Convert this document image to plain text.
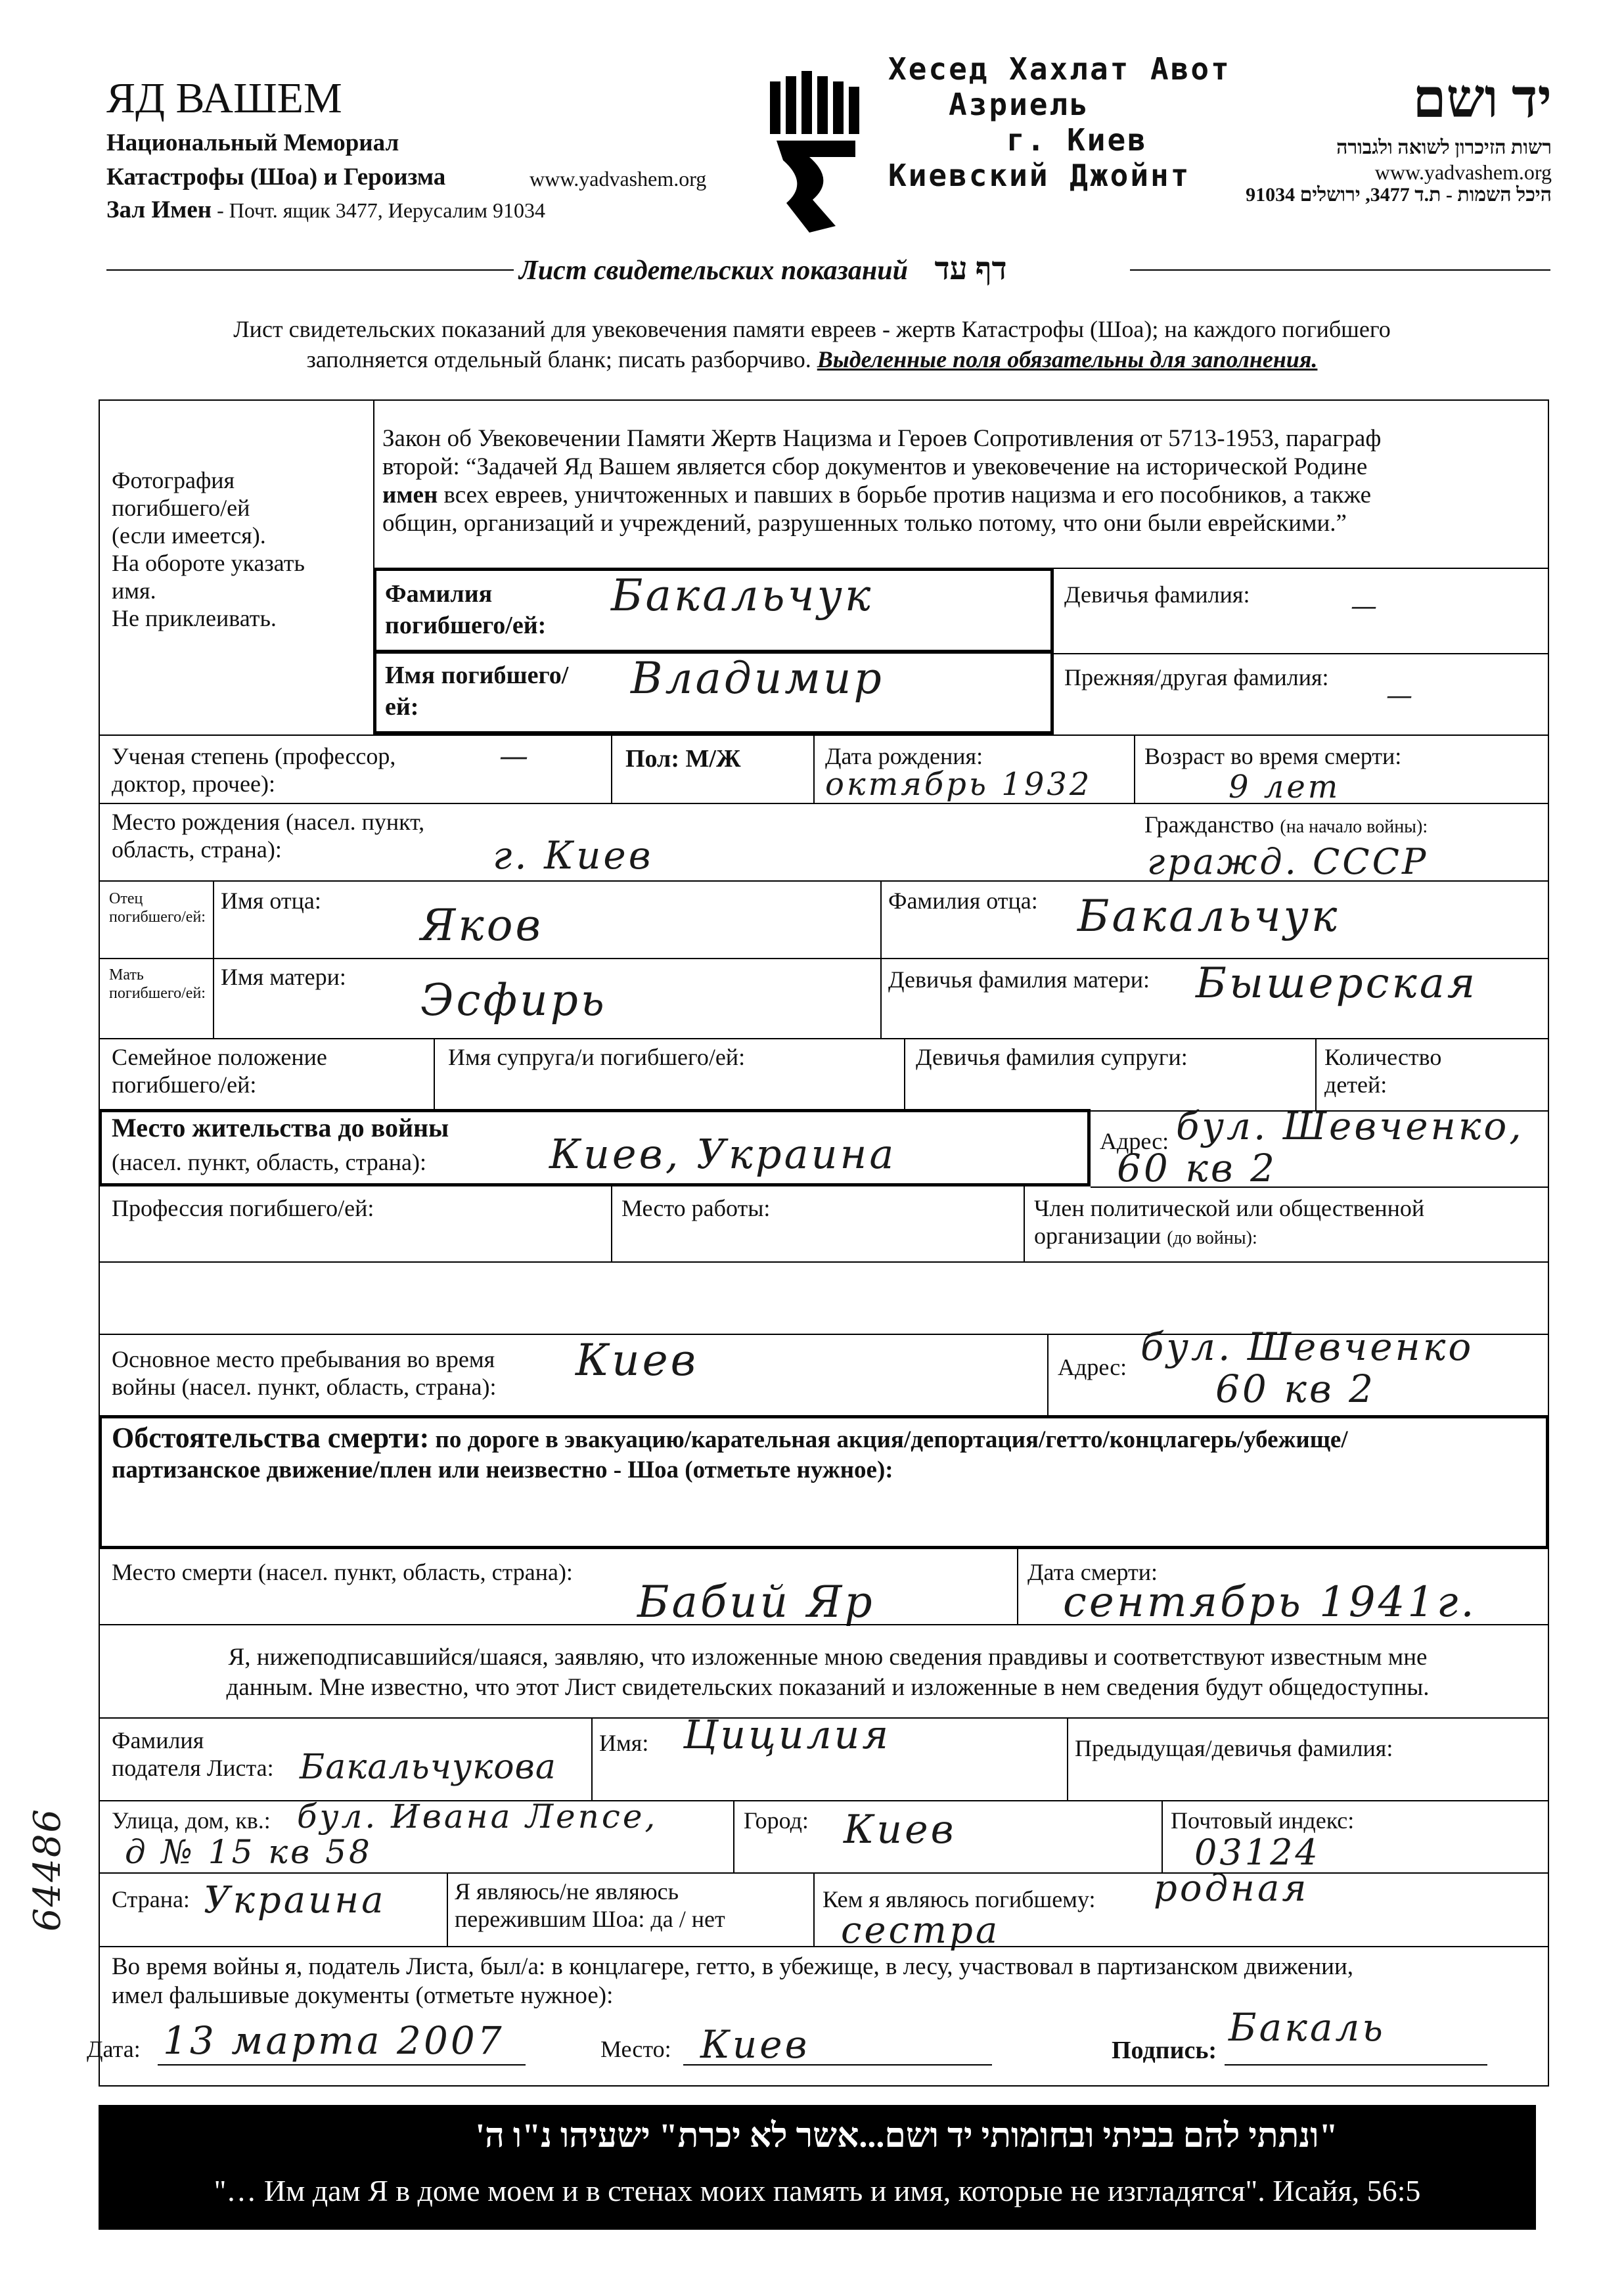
ЯД ВАШЕМ
Национальный Мемориал
Катастрофы (Шоа) и Героизма	www.yadvashem.org
Зал Имен - Почт. ящик 3477, Иерусалим 91034
Хесед Хахлат Авот
Азриель
г. Киев
Киевский Джойнт
יד ושם
רשות הזיכרון לשואה ולגבורה
www.yadvashem.org
היכל השמות - ת.ד 3477, ירושלים 91034
Лист свидетельских показаний דף עד
Лист свидетельских показаний для увековечения памяти евреев - жертв Катастрофы (Шоа); на каждого погибшего
заполняется отдельный бланк; писать разборчиво. Выделенные поля обязательны для заполнения.
Фотография
погибшего/ей
(если имеется).
На обороте указать
имя.
Не приклеивать.
Закон об Увековечении Памяти Жертв Нацизма и Героев Сопротивления от 5713-1953, параграф
второй: “Задачей Яд Вашем является сбор документов и увековечение на исторической Родине
имен всех евреев, уничтоженных и павших в борьбе против нацизма и его пособников, а также
общин, организаций и учреждений, разрушенных только потому, что они были еврейскими.”
Фамилия погибшего/ей:
Бакальчук	Девичья фамилия:	—
Имя погибшего/ей:
Владимир	Прежняя/другая фамилия:
—
Ученая степень (профессор, доктор, прочее):
—	Пол: М/Ж	Дата рождения:
октябрь 1932
Возраст во время смерти:
9 лет
Место рождения (насел. пункт, область, страна):	г. Киев
Гражданство (на начало войны):
гражд. СССР
Отец погибшего/ей:
Имя отца: Яков	Фамилия отца: Бакальчук
Мать погибшего/ей:
Имя матери: Эсфирь	Девичья фамилия матери: Бышерская
Семейное положение погибшего/ей:
Имя супруга/и погибшего/ей:	Девичья фамилия супруги:	Количество детей:
Место жительства до войны
(насел. пункт, область, страна):	Киев, Украина	Адрес: бул. Шевченко,
60 кв 2
Профессия погибшего/ей:	Место работы:	Член политической или общественной
организации (до войны):
Основное место пребывания во время
войны (насел. пункт, область, страна):
Киев	Адрес: бул. Шевченко
60 кв 2
Обстоятельства смерти: по дороге в эвакуацию/карательная акция/депортация/гетто/концлагерь/убежище/
партизанское движение/плен или неизвестно - Шоа (отметьте нужное):
Место смерти (насел. пункт, область, страна):
Бабий Яр
Дата смерти:
сентябрь 1941г.
Я, нижеподписавшийся/шаяся, заявляю, что изложенные мною сведения правдивы и соответствуют известным мне
данным. Мне известно, что этот Лист свидетельских показаний и изложенные в нем сведения будут общедоступны.
Фамилия
подателя Листа: Бакальчукова
Имя: Цицилия	Предыдущая/девичья фамилия:
Улица, дом, кв.: бул. Ивана Лепсе,
д № 15 кв 58
Город: Киев	Почтовый индекс:
03124
Страна: Украина	Я являюсь/не являюсь
пережившим Шоа: да / нет
Кем я являюсь погибшему: родная
сестра
Во время войны я, податель Листа, был/а: в концлагере, гетто, в убежище, в лесу, участвовал в партизанском движении,
имел фальшивые документы (отметьте нужное):
64486
Дата: 13 марта 2007	Место: Киев	Подпись:
Бакаль
"ונתתי להם בביתי ובחומותי יד ושם...אשר לא יכרת" ישעיהו נ"ו ה'
"… Им дам Я в доме моем и в стенах моих память и имя, которые не изгладятся". Исайя, 56:5
